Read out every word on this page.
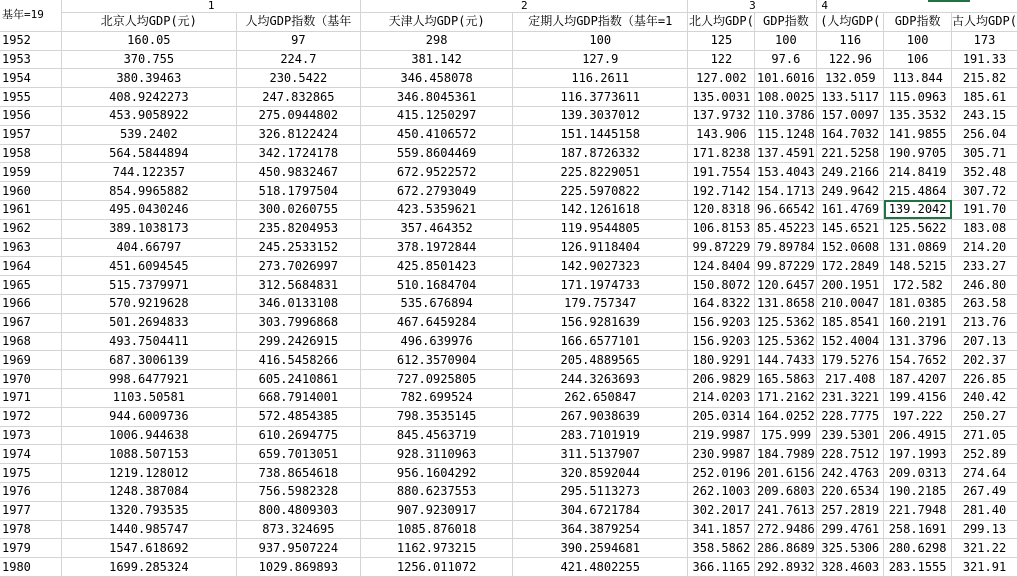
基年=19	1		2		3		4		
	北京人均GDP(元)	人均GDP指数（基年	天津人均GDP(元)	定期人均GDP指数（基年=1	北人均GDP(	GDP指数	(人均GDP(	GDP指数	古人均GDP(
1952	160.05	97	298	100	125	100	116	100	173
1953	370.755	224.7	381.142	127.9	122	97.6	122.96	106	191.33
1954	380.39463	230.5422	346.458078	116.2611	127.002	101.6016	132.059	113.844	215.82
1955	408.9242273	247.832865	346.8045361	116.3773611	135.0031	108.0025	133.5117	115.0963	185.61
1956	453.9058922	275.0944802	415.1250297	139.3037012	137.9732	110.3786	157.0097	135.3532	243.15
1957	539.2402	326.8122424	450.4106572	151.1445158	143.906	115.1248	164.7032	141.9855	256.04
1958	564.5844894	342.1724178	559.8604469	187.8726332	171.8238	137.4591	221.5258	190.9705	305.71
1959	744.122357	450.9832467	672.9522572	225.8229051	191.7554	153.4043	249.2166	214.8419	352.48
1960	854.9965882	518.1797504	672.2793049	225.5970822	192.7142	154.1713	249.9642	215.4864	307.72
1961	495.0430246	300.0260755	423.5359621	142.1261618	120.8318	96.66542	161.4769	139.2042	191.70
1962	389.1038173	235.8204953	357.464352	119.9544805	106.8153	85.45223	145.6521	125.5622	183.08
1963	404.66797	245.2533152	378.1972844	126.9118404	99.87229	79.89784	152.0608	131.0869	214.20
1964	451.6094545	273.7026997	425.8501423	142.9027323	124.8404	99.87229	172.2849	148.5215	233.27
1965	515.7379971	312.5684831	510.1684704	171.1974733	150.8072	120.6457	200.1951	172.582	246.80
1966	570.9219628	346.0133108	535.676894	179.757347	164.8322	131.8658	210.0047	181.0385	263.58
1967	501.2694833	303.7996868	467.6459284	156.9281639	156.9203	125.5362	185.8541	160.2191	213.76
1968	493.7504411	299.2426915	496.639976	166.6577101	156.9203	125.5362	152.4004	131.3796	207.13
1969	687.3006139	416.5458266	612.3570904	205.4889565	180.9291	144.7433	179.5276	154.7652	202.37
1970	998.6477921	605.2410861	727.0925805	244.3263693	206.9829	165.5863	217.408	187.4207	226.85
1971	1103.50581	668.7914001	782.699524	262.650847	214.0203	171.2162	231.3221	199.4156	240.42
1972	944.6009736	572.4854385	798.3535145	267.9038639	205.0314	164.0252	228.7775	197.222	250.27
1973	1006.944638	610.2694775	845.4563719	283.7101919	219.9987	175.999	239.5301	206.4915	271.05
1974	1088.507153	659.7013051	928.3110963	311.5137907	230.9987	184.7989	228.7512	197.1993	252.89
1975	1219.128012	738.8654618	956.1604292	320.8592044	252.0196	201.6156	242.4763	209.0313	274.64
1976	1248.387084	756.5982328	880.6237553	295.5113273	262.1003	209.6803	220.6534	190.2185	267.49
1977	1320.793535	800.4809303	907.9230917	304.6721784	302.2017	241.7613	257.2819	221.7948	281.40
1978	1440.985747	873.324695	1085.876018	364.3879254	341.1857	272.9486	299.4761	258.1691	299.13
1979	1547.618692	937.9507224	1162.973215	390.2594681	358.5862	286.8689	325.5306	280.6298	321.22
1980	1699.285324	1029.869893	1256.011072	421.4802255	366.1165	292.8932	328.4603	283.1555	321.91
